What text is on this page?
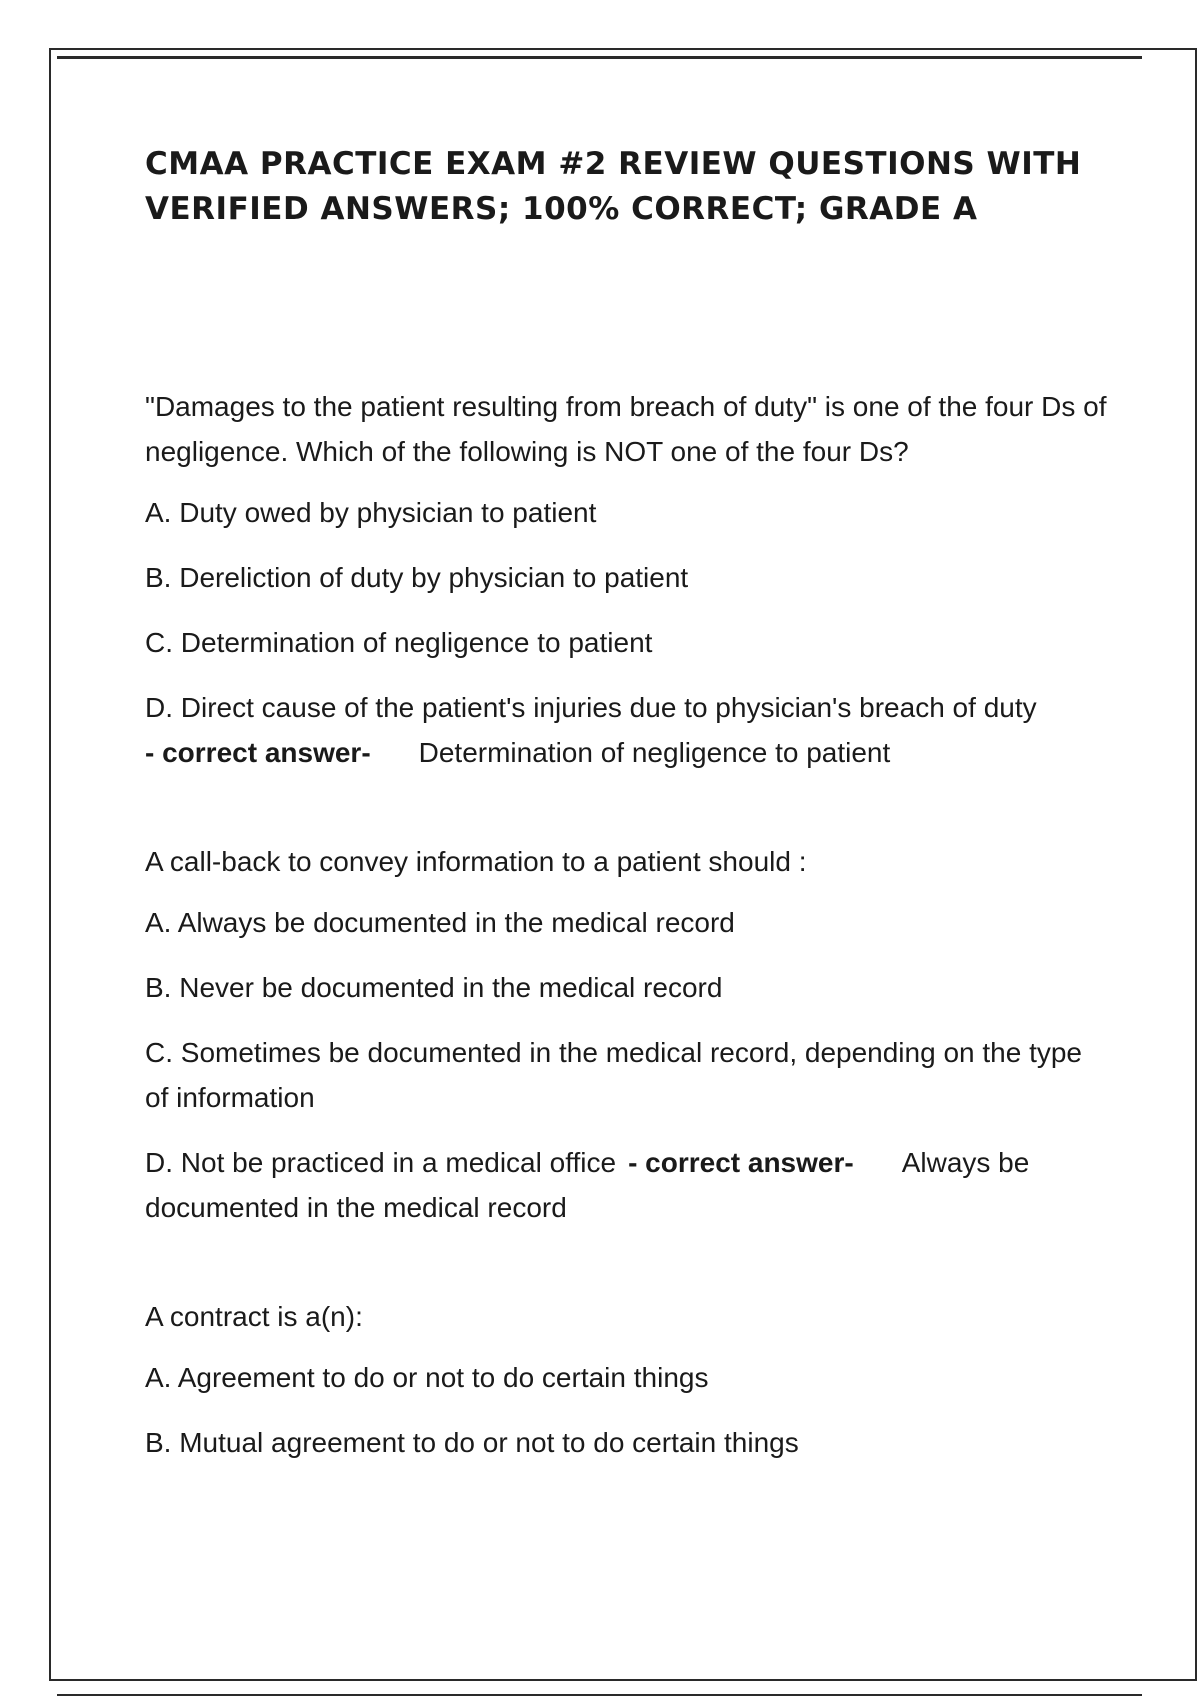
CMAA PRACTICE EXAM #2 REVIEW QUESTIONS WITH VERIFIED ANSWERS; 100% CORRECT; GRADE A

"Damages to the patient resulting from breach of duty" is one of the four Ds of negligence. Which of the following is NOT one of the four Ds?

A. Duty owed by physician to patient

B. Dereliction of duty by physician to patient

C. Determination of negligence to patient

D. Direct cause of the patient's injuries due to physician's breach of duty
- correct answer- Determination of negligence to patient

A call-back to convey information to a patient should :

A. Always be documented in the medical record

B. Never be documented in the medical record

C. Sometimes be documented in the medical record, depending on the type of information

D. Not be practiced in a medical office - correct answer- Always be documented in the medical record

A contract is a(n):

A. Agreement to do or not to do certain things

B. Mutual agreement to do or not to do certain things
